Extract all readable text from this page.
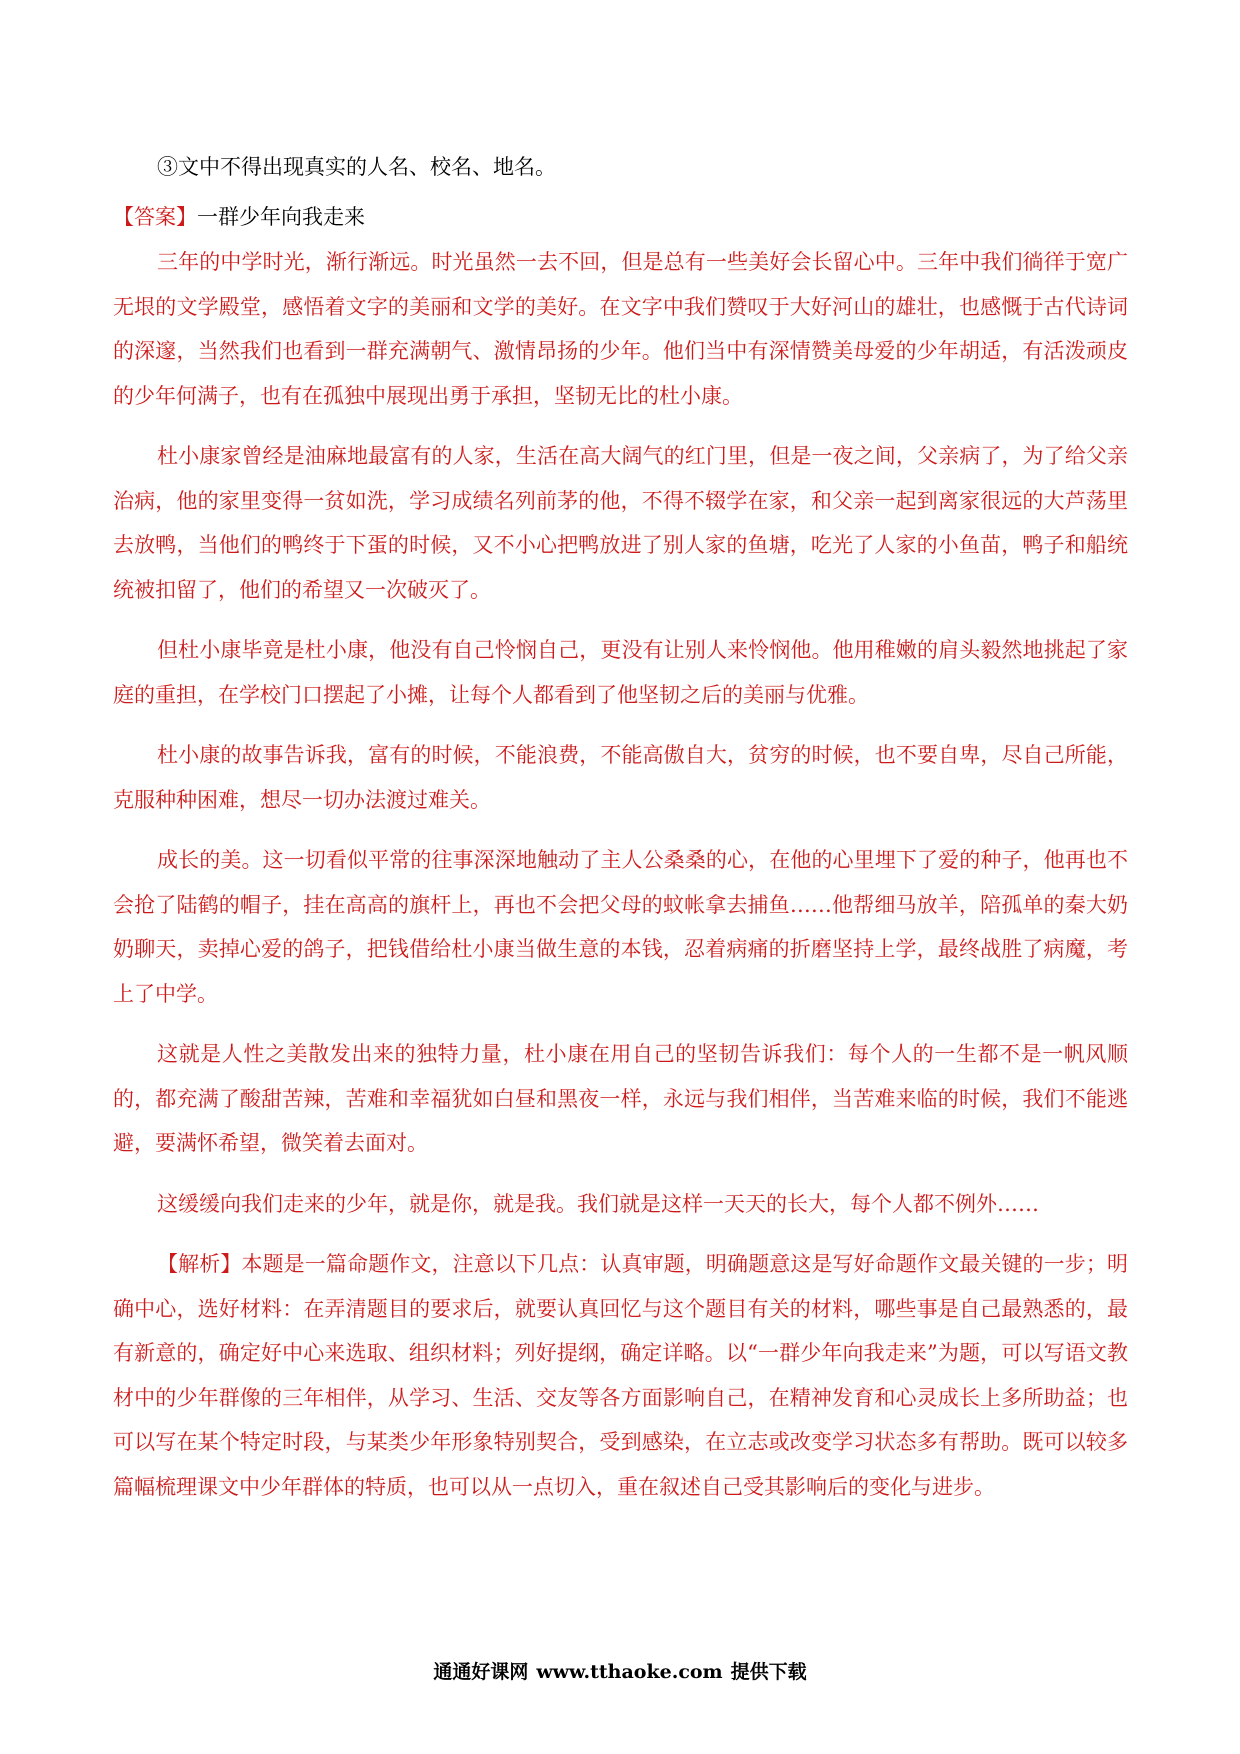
③文中不得出现真实的人名、校名、地名。

【答案】一群少年向我走来

三年的中学时光，渐行渐远。时光虽然一去不回，但是总有一些美好会长留心中。三年中我们徜徉于宽广无垠的文学殿堂，感悟着文字的美丽和文学的美好。在文字中我们赞叹于大好河山的雄壮，也感慨于古代诗词的深邃，当然我们也看到一群充满朝气、激情昂扬的少年。他们当中有深情赞美母爱的少年胡适，有活泼顽皮的少年何满子，也有在孤独中展现出勇于承担，坚韧无比的杜小康。

杜小康家曾经是油麻地最富有的人家，生活在高大阔气的红门里，但是一夜之间，父亲病了，为了给父亲治病，他的家里变得一贫如洗，学习成绩名列前茅的他，不得不辍学在家，和父亲一起到离家很远的大芦荡里去放鸭，当他们的鸭终于下蛋的时候，又不小心把鸭放进了别人家的鱼塘，吃光了人家的小鱼苗，鸭子和船统统被扣留了，他们的希望又一次破灭了。

但杜小康毕竟是杜小康，他没有自己怜悯自己，更没有让别人来怜悯他。他用稚嫩的肩头毅然地挑起了家庭的重担，在学校门口摆起了小摊，让每个人都看到了他坚韧之后的美丽与优雅。

杜小康的故事告诉我，富有的时候，不能浪费，不能高傲自大，贫穷的时候，也不要自卑，尽自己所能，克服种种困难，想尽一切办法渡过难关。

成长的美。这一切看似平常的往事深深地触动了主人公桑桑的心，在他的心里埋下了爱的种子，他再也不会抢了陆鹤的帽子，挂在高高的旗杆上，再也不会把父母的蚊帐拿去捕鱼……他帮细马放羊，陪孤单的秦大奶奶聊天，卖掉心爱的鸽子，把钱借给杜小康当做生意的本钱，忍着病痛的折磨坚持上学，最终战胜了病魔，考上了中学。

这就是人性之美散发出来的独特力量，杜小康在用自己的坚韧告诉我们：每个人的一生都不是一帆风顺的，都充满了酸甜苦辣，苦难和幸福犹如白昼和黑夜一样，永远与我们相伴，当苦难来临的时候，我们不能逃避，要满怀希望，微笑着去面对。

这缓缓向我们走来的少年，就是你，就是我。我们就是这样一天天的长大，每个人都不例外……

【解析】本题是一篇命题作文，注意以下几点：认真审题，明确题意这是写好命题作文最关键的一步；明确中心，选好材料：在弄清题目的要求后，就要认真回忆与这个题目有关的材料，哪些事是自己最熟悉的，最有新意的，确定好中心来选取、组织材料；列好提纲，确定详略。以“一群少年向我走来”为题，可以写语文教材中的少年群像的三年相伴，从学习、生活、交友等各方面影响自己，在精神发育和心灵成长上多所助益；也可以写在某个特定时段，与某类少年形象特别契合，受到感染，在立志或改变学习状态多有帮助。既可以较多篇幅梳理课文中少年群体的特质，也可以从一点切入，重在叙述自己受其影响后的变化与进步。

通通好课网 www.tthaoke.com 提供下载
